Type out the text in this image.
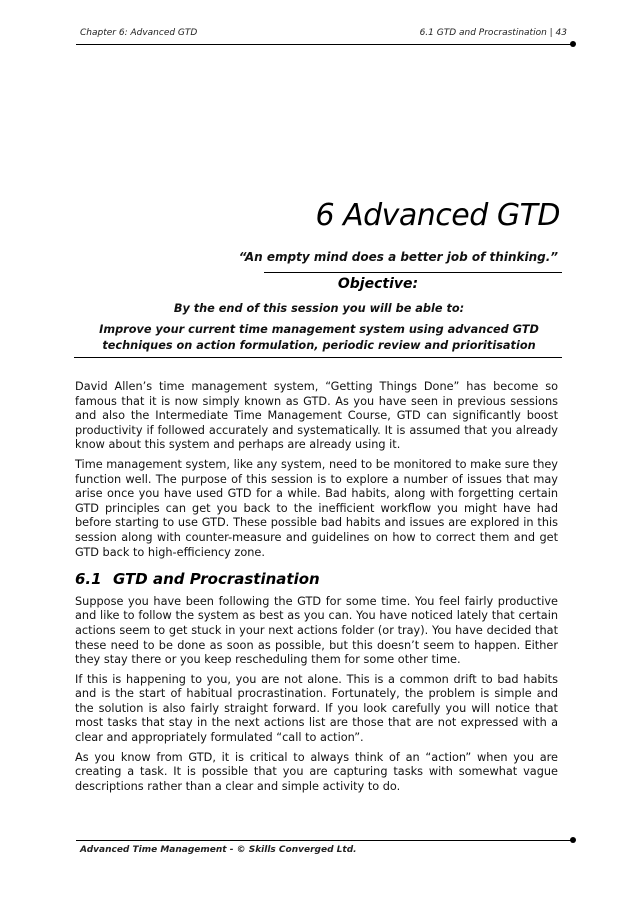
Chapter 6: Advanced GTD	6.1 GTD and Procrastination | 43
6 Advanced GTD
“An empty mind does a better job of thinking.”
Objective:
By the end of this session you will be able to:
Improve your current time management system using advanced GTD techniques on action formulation, periodic review and prioritisation

David Allen’s time management system, “Getting Things Done” has become so famous that it is now simply known as GTD. As you have seen in previous sessions and also the Intermediate Time Management Course, GTD can significantly boost productivity if followed accurately and systematically. It is assumed that you already know about this system and perhaps are already using it.

Time management system, like any system, need to be monitored to make sure they function well. The purpose of this session is to explore a number of issues that may arise once you have used GTD for a while. Bad habits, along with forgetting certain GTD principles can get you back to the inefficient workflow you might have had before starting to use GTD. These possible bad habits and issues are explored in this session along with counter-measure and guidelines on how to correct them and get GTD back to high-efficiency zone.

6.1 GTD and Procrastination

Suppose you have been following the GTD for some time. You feel fairly productive and like to follow the system as best as you can. You have noticed lately that certain actions seem to get stuck in your next actions folder (or tray). You have decided that these need to be done as soon as possible, but this doesn’t seem to happen. Either they stay there or you keep rescheduling them for some other time.

If this is happening to you, you are not alone. This is a common drift to bad habits and is the start of habitual procrastination. Fortunately, the problem is simple and the solution is also fairly straight forward. If you look carefully you will notice that most tasks that stay in the next actions list are those that are not expressed with a clear and appropriately formulated “call to action”.

As you know from GTD, it is critical to always think of an “action” when you are creating a task. It is possible that you are capturing tasks with somewhat vague descriptions rather than a clear and simple activity to do.

Advanced Time Management - © Skills Converged Ltd.
